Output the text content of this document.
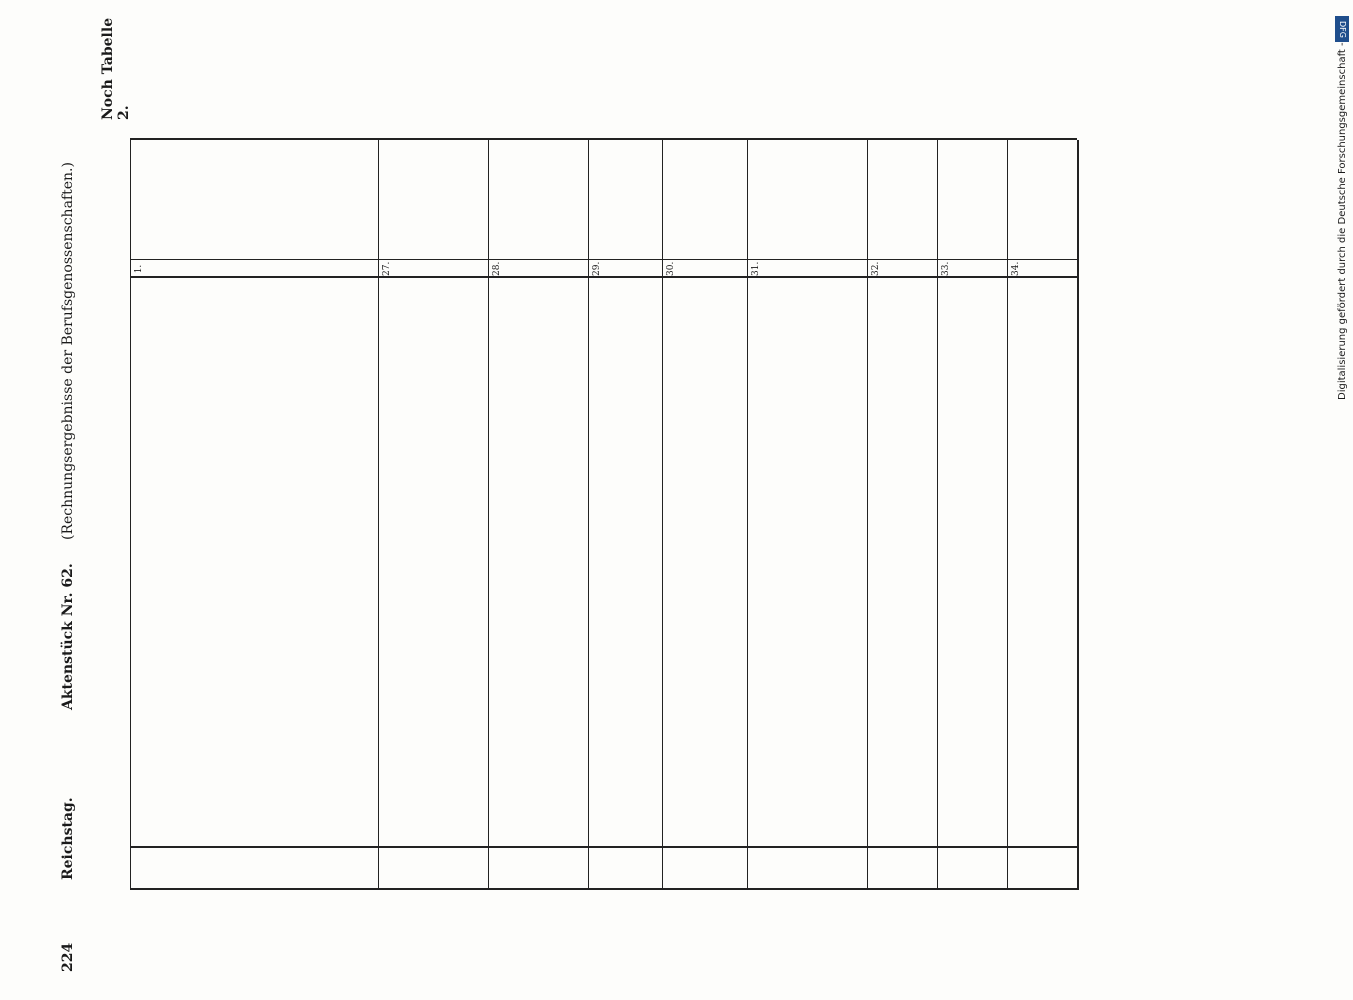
224
Reichstag.
Aktenstück Nr. 62.
(Rechnungsergebnisse der Berufsgenossenschaften.)
Noch Tabelle 2.
1.	27.	28.	29.	30.	31.	32.	33.	34.
DFG
Digitalisierung gefördert durch die Deutsche Forschungsgemeinschaft -
